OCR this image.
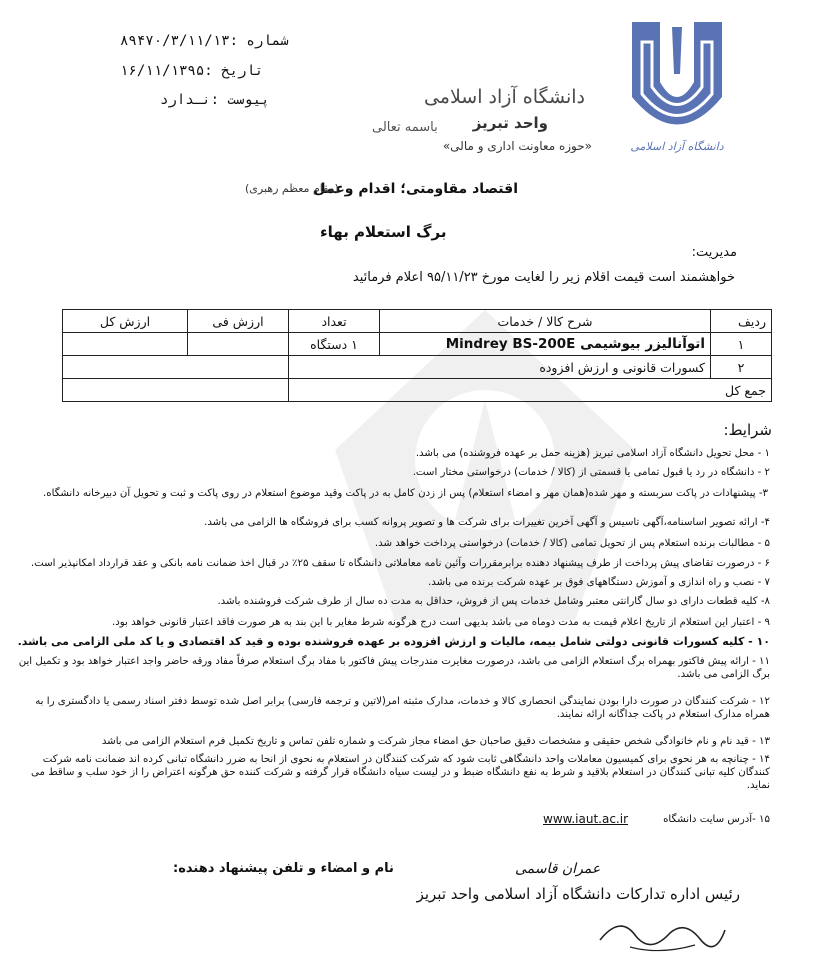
دانشگاه آزاد اسلامی
دانشگاه آزاد اسلامی
واحد تبریز
«حوزه معاونت اداری و مالی»
باسمه تعالی
شماره :۸۹۴۷۰/۳/۱۱/۱۳
تاریخ :۱۶/۱۱/۱۳۹۵
پیوست :نـدارد
اقتصاد مقاومتی؛ اقدام وعمل
(مقام معظم رهبری)
برگ استعلام بهاء
مدیریت:
خواهشمند است قیمت اقلام زیر را لغایت مورخ ۹۵/۱۱/۲۳ اعلام فرمائید
ردیف	شرح کالا / خدمات	تعداد	ارزش فی	ارزش کل
۱	اتوآنالیزر بیوشیمی Mindrey BS-200E	۱ دستگاه		
۲	کسورات قانونی و ارزش افزوده			
جمع کل				
شرایط:
۱ - محل تحویل دانشگاه آزاد اسلامی تبریز (هزینه حمل بر عهده فروشنده) می باشد.
۲ - دانشگاه در رد یا قبول تمامی یا قسمتی از (کالا / خدمات) درخواستی مختار است.
۳- پیشنهادات در پاکت سربسته و مهر شده(همان مهر و امضاء استعلام) پس از زدن کامل به در پاکت وقید موضوع استعلام در روی پاکت و ثبت و تحویل آن دبیرخانه دانشگاه.
۴- ارائه تصویر اساسنامه،آگهی تاسیس و آگهی آخرین تغییرات برای شرکت ها و تصویر پروانه کسب برای فروشگاه ها الزامی می باشد.
۵ - مطالبات برنده استعلام پس از تحویل تمامی (کالا / خدمات) درخواستی پرداخت خواهد شد.
۶ - درصورت تقاضای پیش پرداخت از طرف پیشنهاد دهنده برابرمقررات وآئین نامه معاملاتی دانشگاه تا سقف ۲۵٪ در قبال اخذ ضمانت نامه بانکی و عقد قرارداد امکانپذیر است.
۷ - نصب و راه اندازی و آموزش دستگاههای فوق بر عهده شرکت برنده می باشد.
۸- کلیه قطعات دارای دو سال گارانتی معتبر وشامل خدمات پس از فروش، حداقل به مدت ده سال از طرف شرکت فروشنده باشد.
۹ - اعتبار این استعلام از تاریخ اعلام قیمت به مدت دوماه می باشد بدیهی است درج هرگونه شرط مغایر با این بند به هر صورت فاقد اعتبار قانونی خواهد بود.
۱۰ - کلیه کسورات قانونی دولتی شامل بیمه، مالیات و ارزش افزوده بر عهده فروشنده بوده و قید کد اقتصادی و یا کد ملی الزامی می باشد.
۱۱ - ارائه پیش فاکتور بهمراه برگ استعلام الزامی می باشد، درصورت مغایرت مندرجات پیش فاکتور با مفاد برگ استعلام صرفاً مفاد ورقه حاضر واجد اعتبار خواهد بود و تکمیل این برگ الزامی می باشد.
۱۲ - شرکت کنندگان در صورت دارا بودن نمایندگی انحصاری کالا و خدمات، مدارک مثبته امر(لاتین و ترجمه فارسی) برابر اصل شده توسط دفتر اسناد رسمی یا دادگستری را به همراه مدارک استعلام در پاکت جداگانه ارائه نمایند.
۱۳ - قید نام و نام خانوادگی شخص حقیقی و مشخصات دقیق صاحبان حق امضاء مجاز شرکت و شماره تلفن تماس و تاریخ تکمیل فرم استعلام الزامی می باشد
۱۴ - چنانچه به هر نحوی برای کمیسیون معاملات واحد دانشگاهی ثابت شود که شرکت کنندگان در استعلام به نحوی از انحا به ضرر دانشگاه تبانی کرده اند ضمانت نامه شرکت کنندگان کلیه تبانی کنندگان در استعلام بلاقید و شرط به نفع دانشگاه ضبط و در لیست سیاه دانشگاه قرار گرفته و شرکت کننده حق هرگونه اعتراض را از خود سلب و ساقط می نماید.
۱۵ -آدرس سایت دانشگاه
www.iaut.ac.ir
نام و امضاء و تلفن پیشنهاد دهنده:	عمران قاسمی
رئیس اداره تدارکات دانشگاه آزاد اسلامی واحد تبریز
